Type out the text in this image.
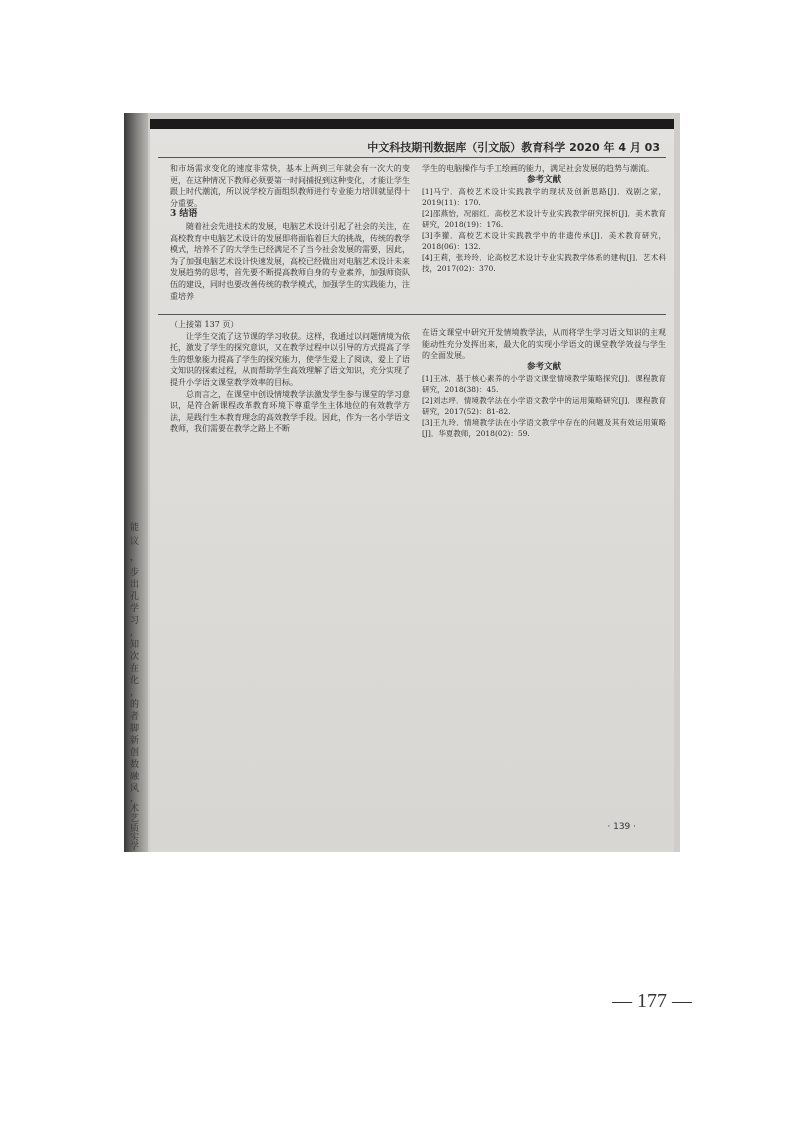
能
议
，
步
出
孔
学
习
，
知
次
在
化
，
的
者
脚
新
创
数
融
风
，
术
艺
质
实
学
中文科技期刊数据库（引文版）教育科学 2020 年 4 月 03

和市场需求变化的速度非常快，基本上两到三年就会有一次大的变更，在这种情况下教师必须要第一时间捕捉到这种变化，才能让学生跟上时代潮流，所以说学校方面组织教师进行专业能力培训就显得十分重要。

3 结语

随着社会先进技术的发展，电脑艺术设计引起了社会的关注，在高校教育中电脑艺术设计的发展即将面临着巨大的挑战，传统的教学模式，培养不了的大学生已经满足不了当今社会发展的需要，因此，为了加强电脑艺术设计快速发展，高校已经做出对电脑艺术设计未来发展趋势的思考，首先要不断提高教师自身的专业素养，加强师资队伍的建设，同时也要改善传统的教学模式，加强学生的实践能力，注重培养

学生的电脑操作与手工绘画的能力，满足社会发展的趋势与潮流。

参考文献

[1]马宁．高校艺术设计实践教学的现状及创新思路[J]．戏剧之家，2019(11)：170.

[2]邵燕怡，况丽红．高校艺术设计专业实践教学研究探析[J]．美术教育研究，2018(19)：176.

[3]李獾．高校艺术设计实践教学中的非遗传承[J]．美术教育研究，2018(06)：132.

[4]王莉，张玲玲．论高校艺术设计专业实践教学体系的建构[J]．艺术科技，2017(02)：370.

（上接第 137 页）

让学生交流了这节课的学习收获。这样，我通过以问题情境为依托，激发了学生的探究意识，又在教学过程中以引导的方式提高了学生的想象能力提高了学生的探究能力，使学生爱上了阅读，爱上了语文知识的探索过程，从而帮助学生高效理解了语文知识，充分实现了提升小学语文课堂教学效率的目标。

总而言之，在课堂中创设情境教学法激发学生参与课堂的学习意识，是符合新课程改革教育环境下尊重学生主体地位的有效教学方法，是践行生本教育理念的高效教学手段。因此，作为一名小学语文教师，我们需要在教学之路上不断

在语文课堂中研究开发情境教学法，从而将学生学习语文知识的主观能动性充分发挥出来，最大化的实现小学语文的课堂教学效益与学生的全面发展。

参考文献

[1]王冰．基于核心素养的小学语文课堂情境教学策略探究[J]．课程教育研究，2018(38)：45.

[2]刘志坪．情境教学法在小学语文教学中的运用策略研究[J]．课程教育研究，2017(52)：81-82.

[3]王九玲．情境教学法在小学语文教学中存在的问题及其有效运用策略[J]．华夏教师，2018(02)：59.

· 139 ·
— 177 —
